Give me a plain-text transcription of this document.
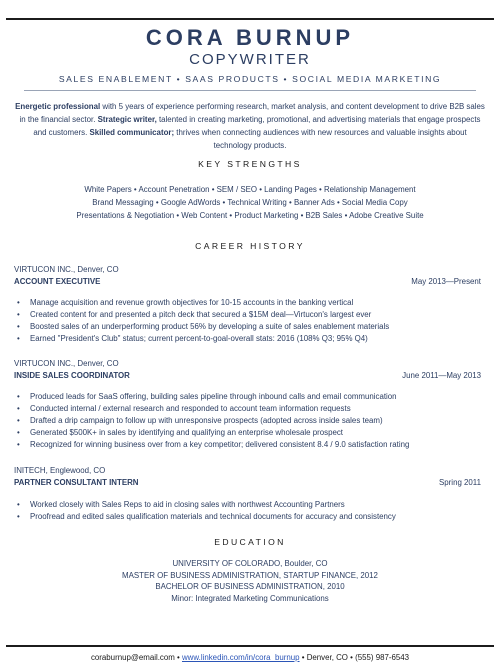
CORA BURNUP
COPYWRITER
SALES ENABLEMENT • SAAS PRODUCTS • SOCIAL MEDIA MARKETING
Energetic professional with 5 years of experience performing research, market analysis, and content development to drive B2B sales in the financial sector. Strategic writer, talented in creating marketing, promotional, and advertising materials that engage prospects and customers. Skilled communicator; thrives when connecting audiences with new resources and valuable insights about technology products.
KEY STRENGTHS
White Papers • Account Penetration • SEM / SEO • Landing Pages • Relationship Management
Brand Messaging • Google AdWords • Technical Writing • Banner Ads • Social Media Copy
Presentations & Negotiation • Web Content • Product Marketing • B2B Sales • Adobe Creative Suite
CAREER HISTORY
VIRTUCON INC., Denver, CO
ACCOUNT EXECUTIVE	May 2013—Present
• Manage acquisition and revenue growth objectives for 10-15 accounts in the banking vertical
• Created content for and presented a pitch deck that secured a $15M deal—Virtucon's largest ever
• Boosted sales of an underperforming product 56% by developing a suite of sales enablement materials
• Earned "President's Club" status; current percent-to-goal-overall stats: 2016 (108% Q3; 95% Q4)
VIRTUCON INC., Denver, CO
INSIDE SALES COORDINATOR	June 2011—May 2013
• Produced leads for SaaS offering, building sales pipeline through inbound calls and email communication
• Conducted internal / external research and responded to account team information requests
• Drafted a drip campaign to follow up with unresponsive prospects (adopted across inside sales team)
• Generated $500K+ in sales by identifying and qualifying an enterprise wholesale prospect
• Recognized for winning business over from a key competitor; delivered consistent 8.4 / 9.0 satisfaction rating
INITECH, Englewood, CO
PARTNER CONSULTANT INTERN	Spring 2011
• Worked closely with Sales Reps to aid in closing sales with northwest Accounting Partners
• Proofread and edited sales qualification materials and technical documents for accuracy and consistency
EDUCATION
UNIVERSITY OF COLORADO, Boulder, CO
MASTER OF BUSINESS ADMINISTRATION, STARTUP FINANCE, 2012
BACHELOR OF BUSINESS ADMINISTRATION, 2010
Minor: Integrated Marketing Communications
coraburnup@email.com • www.linkedin.com/in/cora_burnup • Denver, CO • (555) 987-6543
